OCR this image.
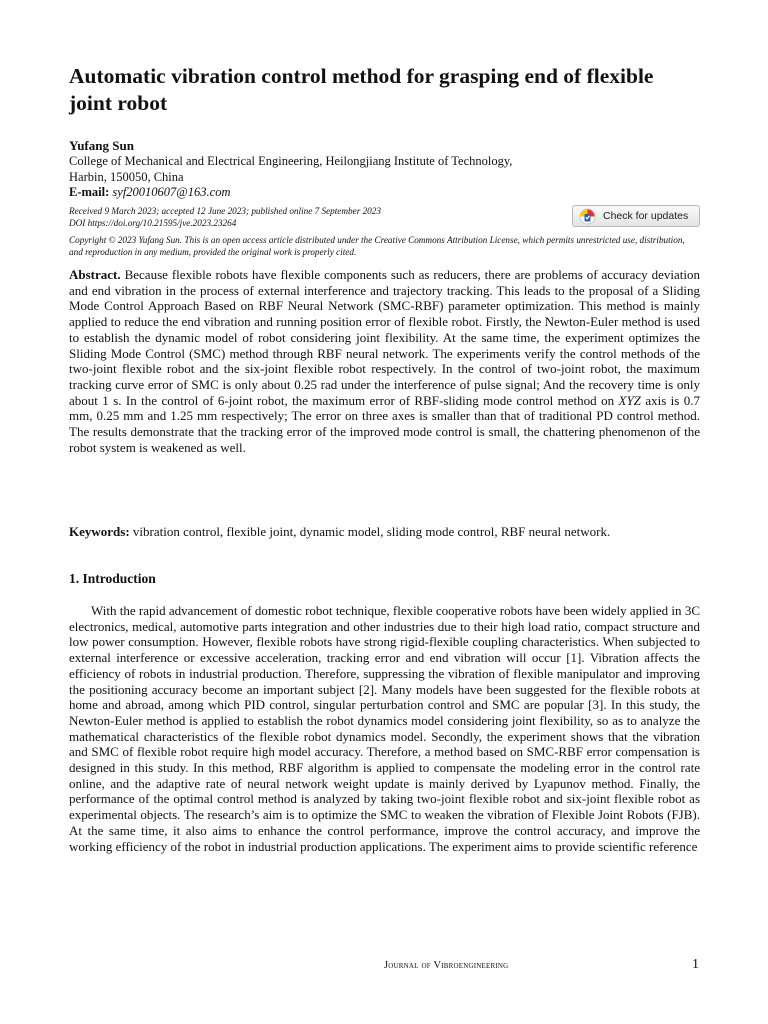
Automatic vibration control method for grasping end of flexible joint robot
Yufang Sun
College of Mechanical and Electrical Engineering, Heilongjiang Institute of Technology,
Harbin, 150050, China
E-mail: syf20010607@163.com
Received 9 March 2023; accepted 12 June 2023; published online 7 September 2023
DOI https://doi.org/10.21595/jve.2023.23264
Check for updates
Copyright © 2023 Yufang Sun. This is an open access article distributed under the Creative Commons Attribution License, which permits unrestricted use, distribution, and reproduction in any medium, provided the original work is properly cited.

Abstract. Because flexible robots have flexible components such as reducers, there are problems of accuracy deviation and end vibration in the process of external interference and trajectory tracking. This leads to the proposal of a Sliding Mode Control Approach Based on RBF Neural Network (SMC-RBF) parameter optimization. This method is mainly applied to reduce the end vibration and running position error of flexible robot. Firstly, the Newton-Euler method is used to establish the dynamic model of robot considering joint flexibility. At the same time, the experiment optimizes the Sliding Mode Control (SMC) method through RBF neural network. The experiments verify the control methods of the two-joint flexible robot and the six-joint flexible robot respectively. In the control of two-joint robot, the maximum tracking curve error of SMC is only about 0.25 rad under the interference of pulse signal; And the recovery time is only about 1 s. In the control of 6-joint robot, the maximum error of RBF-sliding mode control method on XYZ axis is 0.7 mm, 0.25 mm and 1.25 mm respectively; The error on three axes is smaller than that of traditional PD control method. The results demonstrate that the tracking error of the improved mode control is small, the chattering phenomenon of the robot system is weakened as well.

Keywords: vibration control, flexible joint, dynamic model, sliding mode control, RBF neural network.

1. Introduction

With the rapid advancement of domestic robot technique, flexible cooperative robots have been widely applied in 3C electronics, medical, automotive parts integration and other industries due to their high load ratio, compact structure and low power consumption. However, flexible robots have strong rigid-flexible coupling characteristics. When subjected to external interference or excessive acceleration, tracking error and end vibration will occur [1]. Vibration affects the efficiency of robots in industrial production. Therefore, suppressing the vibration of flexible manipulator and improving the positioning accuracy become an important subject [2]. Many models have been suggested for the flexible robots at home and abroad, among which PID control, singular perturbation control and SMC are popular [3]. In this study, the Newton-Euler method is applied to establish the robot dynamics model considering joint flexibility, so as to analyze the mathematical characteristics of the flexible robot dynamics model. Secondly, the experiment shows that the vibration and SMC of flexible robot require high model accuracy. Therefore, a method based on SMC-RBF error compensation is designed in this study. In this method, RBF algorithm is applied to compensate the modeling error in the control rate online, and the adaptive rate of neural network weight update is mainly derived by Lyapunov method. Finally, the performance of the optimal control method is analyzed by taking two-joint flexible robot and six-joint flexible robot as experimental objects. The research’s aim is to optimize the SMC to weaken the vibration of Flexible Joint Robots (FJB). At the same time, it also aims to enhance the control performance, improve the control accuracy, and improve the working efficiency of the robot in industrial production applications. The experiment aims to provide scientific reference

Journal of Vibroengineering	1
